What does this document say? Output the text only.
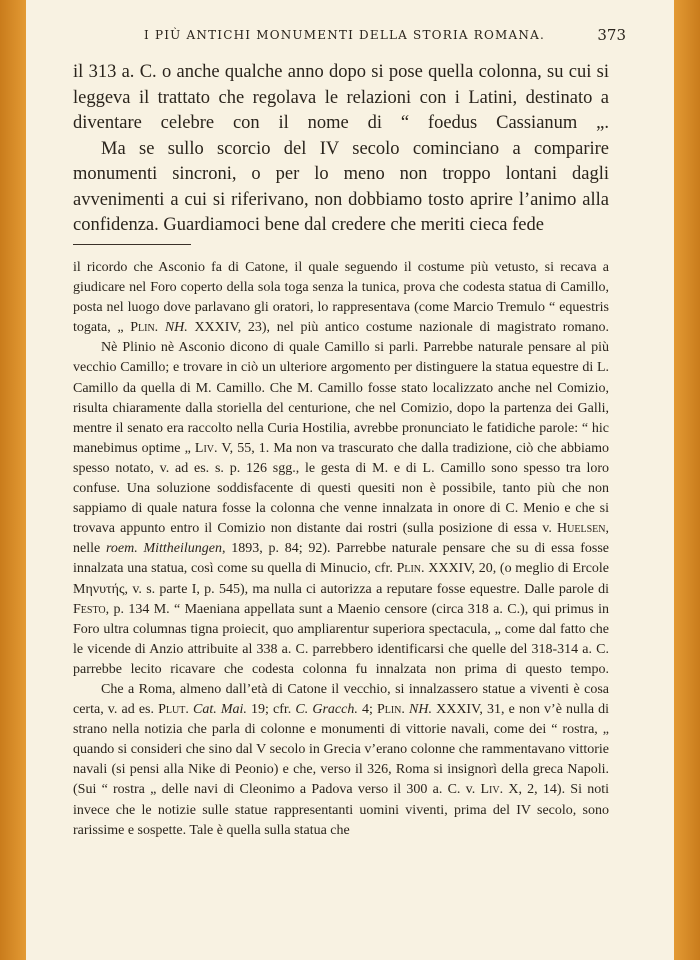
I PIÙ ANTICHI MONUMENTI DELLA STORIA ROMANA.	373

il 313 a. C. o anche qualche anno dopo si pose quella colonna, su cui si leggeva il trattato che regolava le relazioni con i Latini, destinato a diventare celebre con il nome di “ foedus Cassianum „.

Ma se sullo scorcio del IV secolo cominciano a comparire monumenti sincroni, o per lo meno non troppo lontani dagli avvenimenti a cui si riferivano, non dobbiamo tosto aprire l’animo alla confidenza. Guardiamoci bene dal credere che meriti cieca fede

il ricordo che Asconio fa di Catone, il quale seguendo il costume più vetusto, si recava a giudicare nel Foro coperto della sola toga senza la tunica, prova che codesta statua di Camillo, posta nel luogo dove parlavano gli oratori, lo rappresentava (come Marcio Tremulo “ equestris togata, „ Plin. NH. XXXIV, 23), nel più antico costume nazionale di magistrato romano.

Nè Plinio nè Asconio dicono di quale Camillo si parli. Parrebbe naturale pensare al più vecchio Camillo; e trovare in ciò un ulteriore argomento per distinguere la statua equestre di L. Camillo da quella di M. Camillo. Che M. Camillo fosse stato localizzato anche nel Comizio, risulta chiaramente dalla storiella del centurione, che nel Comizio, dopo la partenza dei Galli, mentre il senato era raccolto nella Curia Hostilia, avrebbe pronunciato le fatidiche parole: “ hic manebimus optime „ Liv. V, 55, 1. Ma non va trascurato che dalla tradizione, ciò che abbiamo spesso notato, v. ad es. s. p. 126 sgg., le gesta di M. e di L. Camillo sono spesso tra loro confuse. Una soluzione soddisfacente di questi quesiti non è possibile, tanto più che non sappiamo di quale natura fosse la colonna che venne innalzata in onore di C. Menio e che si trovava appunto entro il Comizio non distante dai rostri (sulla posizione di essa v. Huelsen, nelle roem. Mittheilungen, 1893, p. 84; 92). Parrebbe naturale pensare che su di essa fosse innalzata una statua, così come su quella di Minucio, cfr. Plin. XXXIV, 20, (o meglio di Ercole Μηνυτής, v. s. parte I, p. 545), ma nulla ci autorizza a reputare fosse equestre. Dalle parole di Festo, p. 134 M. “ Maeniana appellata sunt a Maenio censore (circa 318 a. C.), qui primus in Foro ultra columnas tigna proiecit, quo ampliarentur superiora spectacula, „ come dal fatto che le vicende di Anzio attribuite al 338 a. C. parrebbero identificarsi che quelle del 318-314 a. C. parrebbe lecito ricavare che codesta colonna fu innalzata non prima di questo tempo.

Che a Roma, almeno dall’età di Catone il vecchio, si innalzassero statue a viventi è cosa certa, v. ad es. Plut. Cat. Mai. 19; cfr. C. Gracch. 4; Plin. NH. XXXIV, 31, e non v’è nulla di strano nella notizia che parla di colonne e monumenti di vittorie navali, come dei “ rostra, „ quando si consideri che sino dal V secolo in Grecia v’erano colonne che rammentavano vittorie navali (si pensi alla Nike di Peonio) e che, verso il 326, Roma si insignorì della greca Napoli. (Sui “ rostra „ delle navi di Cleonimo a Padova verso il 300 a. C. v. Liv. X, 2, 14). Si noti invece che le notizie sulle statue rappresentanti uomini viventi, prima del IV secolo, sono rarissime e sospette. Tale è quella sulla statua che
